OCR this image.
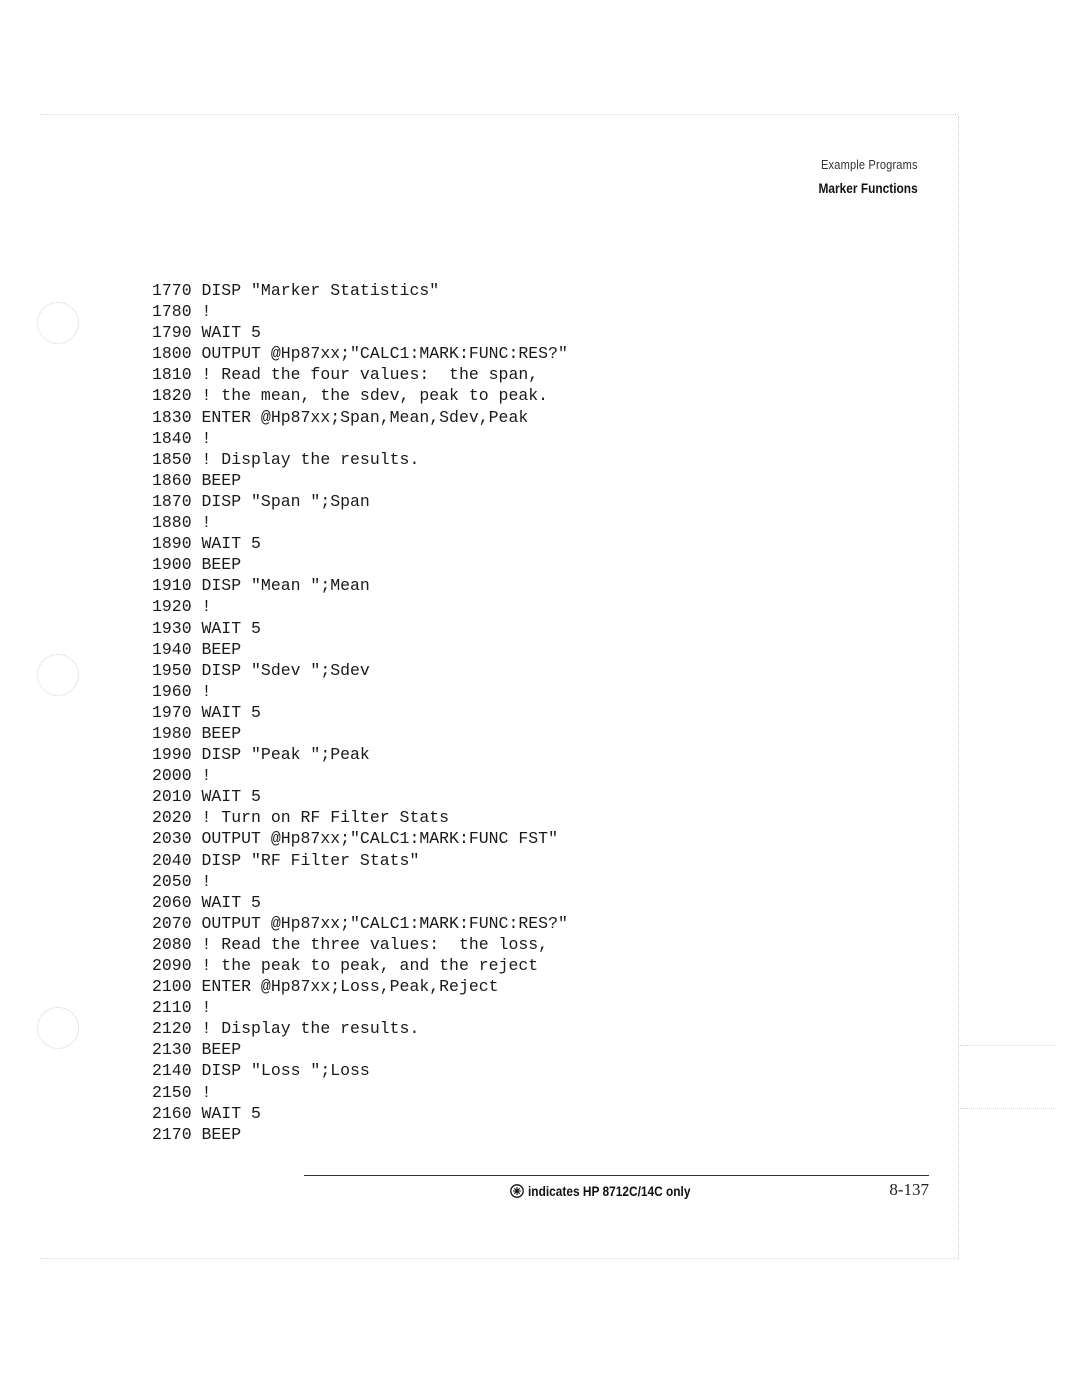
Example Programs
Marker Functions
1770 DISP "Marker Statistics"
1780 !
1790 WAIT 5
1800 OUTPUT @Hp87xx;"CALC1:MARK:FUNC:RES?"
1810 ! Read the four values:  the span,
1820 ! the mean, the sdev, peak to peak.
1830 ENTER @Hp87xx;Span,Mean,Sdev,Peak
1840 !
1850 ! Display the results.
1860 BEEP
1870 DISP "Span ";Span
1880 !
1890 WAIT 5
1900 BEEP
1910 DISP "Mean ";Mean
1920 !
1930 WAIT 5
1940 BEEP
1950 DISP "Sdev ";Sdev
1960 !
1970 WAIT 5
1980 BEEP
1990 DISP "Peak ";Peak
2000 !
2010 WAIT 5
2020 ! Turn on RF Filter Stats
2030 OUTPUT @Hp87xx;"CALC1:MARK:FUNC FST"
2040 DISP "RF Filter Stats"
2050 !
2060 WAIT 5
2070 OUTPUT @Hp87xx;"CALC1:MARK:FUNC:RES?"
2080 ! Read the three values:  the loss,
2090 ! the peak to peak, and the reject
2100 ENTER @Hp87xx;Loss,Peak,Reject
2110 !
2120 ! Display the results.
2130 BEEP
2140 DISP "Loss ";Loss
2150 !
2160 WAIT 5
2170 BEEP
indicates HP 8712C/14C only	8-137
